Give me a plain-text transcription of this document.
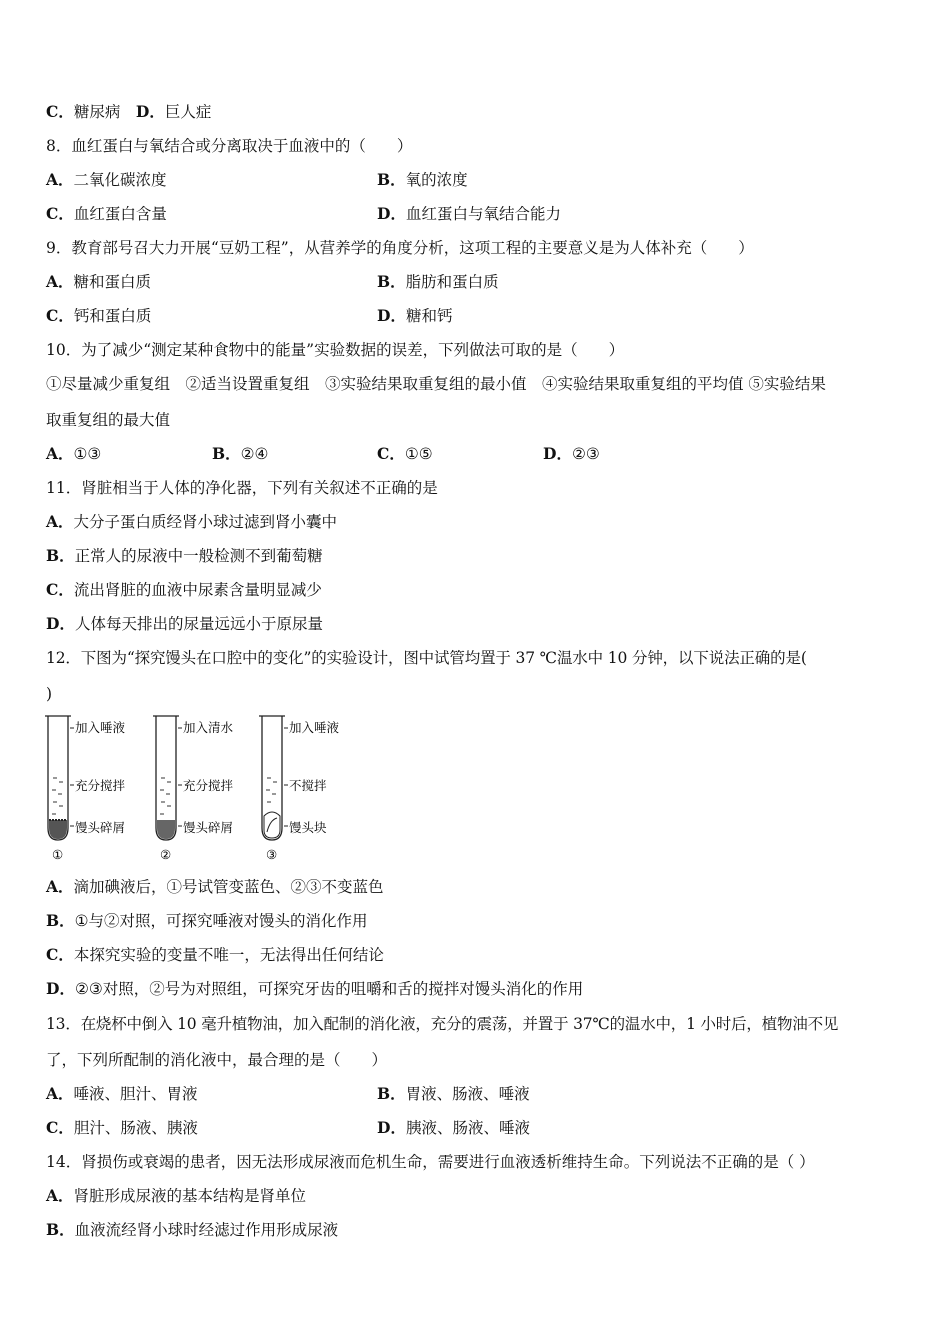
C．糖尿病　 D．巨人症
8．血红蛋白与氧结合或分离取决于血液中的（　　）
A．二氧化碳浓度	B．氧的浓度
C．血红蛋白含量	D．血红蛋白与氧结合能力
9．教育部号召大力开展“豆奶工程”，从营养学的角度分析，这项工程的主要意义是为人体补充（　　）
A．糖和蛋白质	B．脂肪和蛋白质
C．钙和蛋白质	D．糖和钙
10．为了减少“测定某种食物中的能量”实验数据的误差，下列做法可取的是（　　）
①尽量减少重复组　②适当设置重复组　③实验结果取重复组的最小值　④实验结果取重复组的平均值 ⑤实验结果
取重复组的最大值
A．①③	B．②④	C．①⑤	D．②③
11．肾脏相当于人体的净化器，下列有关叙述不正确的是
A．大分子蛋白质经肾小球过滤到肾小囊中
B．正常人的尿液中一般检测不到葡萄糖
C．流出肾脏的血液中尿素含量明显减少
D．人体每天排出的尿量远远小于原尿量
12．下图为“探究馒头在口腔中的变化”的实验设计，图中试管均置于 37 ℃温水中 10 分钟，以下说法正确的是(
)
加入唾液
充分搅拌
馒头碎屑
①
加入清水
充分搅拌
馒头碎屑
②
加入唾液
不搅拌
馒头块
③
A．滴加碘液后，①号试管变蓝色、②③不变蓝色
B．①与②对照，可探究唾液对馒头的消化作用
C．本探究实验的变量不唯一，无法得出任何结论
D．②③对照，②号为对照组，可探究牙齿的咀嚼和舌的搅拌对馒头消化的作用
13．在烧杯中倒入 10 毫升植物油，加入配制的消化液，充分的震荡，并置于 37℃的温水中，1 小时后，植物油不见
了，下列所配制的消化液中，最合理的是（　　）
A．唾液、胆汁、胃液	B．胃液、肠液、唾液
C．胆汁、肠液、胰液	D．胰液、肠液、唾液
14．肾损伤或衰竭的患者，因无法形成尿液而危机生命，需要进行血液透析维持生命。下列说法不正确的是（ ）
A．肾脏形成尿液的基本结构是肾单位
B．血液流经肾小球时经滤过作用形成尿液
